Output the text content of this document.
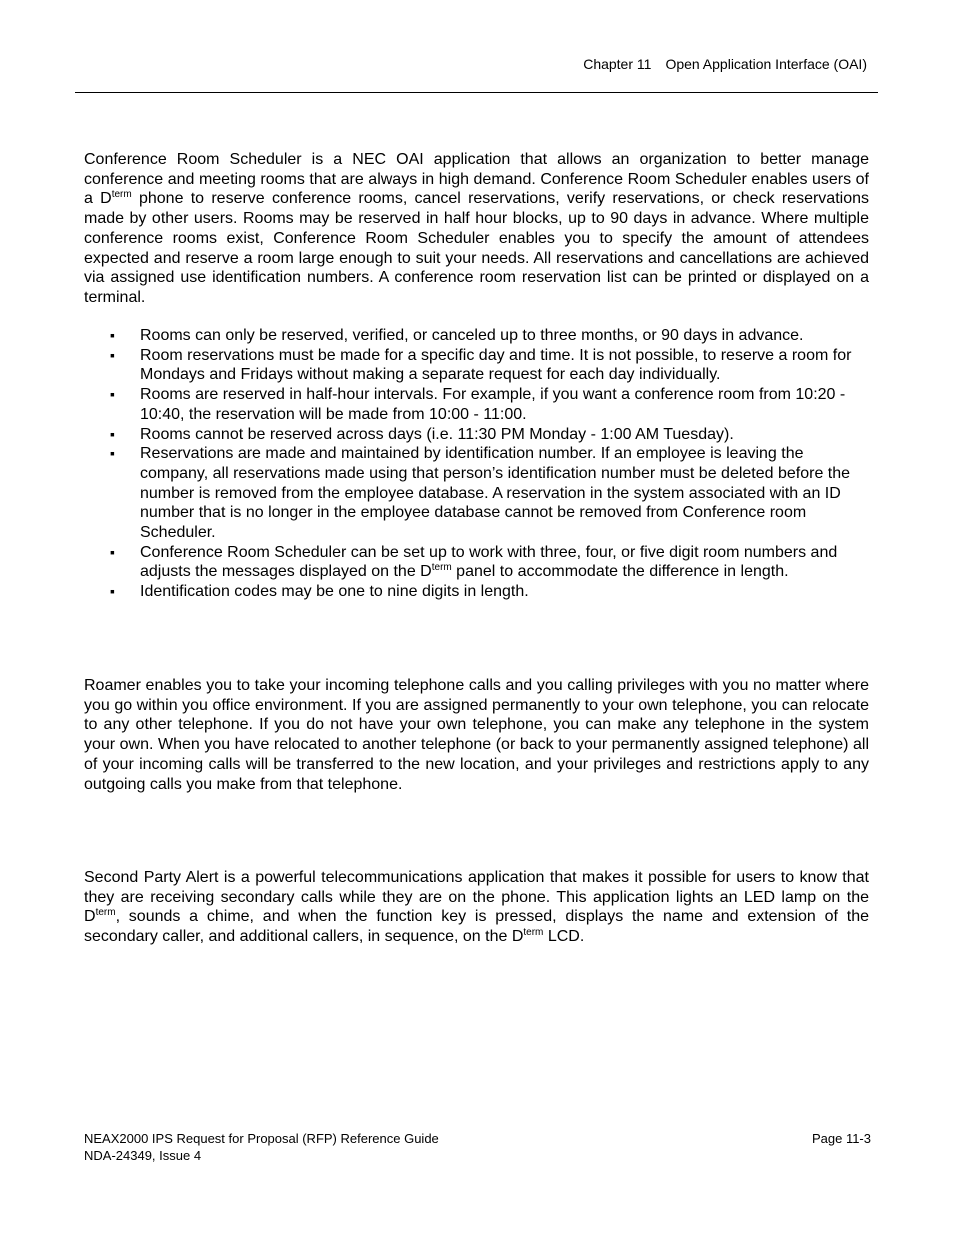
Chapter 11 Open Application Interface (OAI)

Conference Room Scheduler is a NEC OAI application that allows an organization to better manage conference and meeting rooms that are always in high demand. Conference Room Scheduler enables users of a $D^{term}$ phone to reserve conference rooms, cancel reservations, verify reservations, or check reservations made by other users. Rooms may be reserved in half hour blocks, up to 90 days in advance. Where multiple conference rooms exist, Conference Room Scheduler enables you to specify the amount of attendees expected and reserve a room large enough to suit your needs. All reservations and cancellations are achieved via assigned use identification numbers. A conference room reservation list can be printed or displayed on a terminal.

▪ Rooms can only be reserved, verified, or canceled up to three months, or 90 days in advance.
▪ Room reservations must be made for a specific day and time. It is not possible, to reserve a room for Mondays and Fridays without making a separate request for each day individually.
▪ Rooms are reserved in half-hour intervals. For example, if you want a conference room from 10:20 - 10:40, the reservation will be made from 10:00 - 11:00.
▪ Rooms cannot be reserved across days (i.e. 11:30 PM Monday - 1:00 AM Tuesday).
▪ Reservations are made and maintained by identification number. If an employee is leaving the company, all reservations made using that person’s identification number must be deleted before the number is removed from the employee database. A reservation in the system associated with an ID number that is no longer in the employee database cannot be removed from Conference room Scheduler.
▪ Conference Room Scheduler can be set up to work with three, four, or five digit room numbers and adjusts the messages displayed on the $D^{term}$ panel to accommodate the difference in length.
▪ Identification codes may be one to nine digits in length.

Roamer enables you to take your incoming telephone calls and you calling privileges with you no matter where you go within you office environment. If you are assigned permanently to your own telephone, you can relocate to any other telephone. If you do not have your own telephone, you can make any telephone in the system your own. When you have relocated to another telephone (or back to your permanently assigned telephone) all of your incoming calls will be transferred to the new location, and your privileges and restrictions apply to any outgoing calls you make from that telephone.

Second Party Alert is a powerful telecommunications application that makes it possible for users to know that they are receiving secondary calls while they are on the phone. This application lights an LED lamp on the $D^{term}$, sounds a chime, and when the function key is pressed, displays the name and extension of the secondary caller, and additional callers, in sequence, on the $D^{term}$ LCD.

NEAX2000 IPS Request for Proposal (RFP) Reference Guide
NDA-24349, Issue 4
Page 11-3
